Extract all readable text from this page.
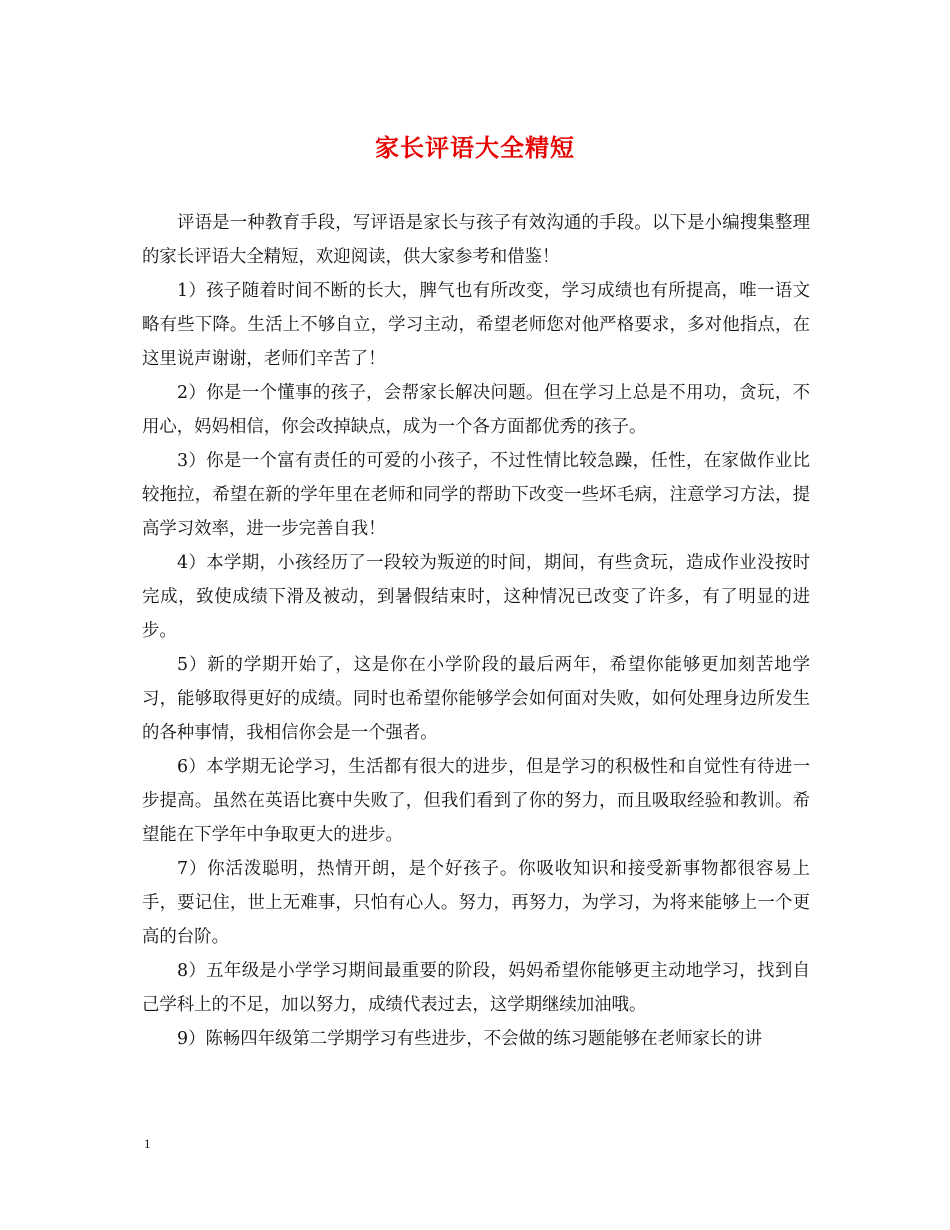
家长评语大全精短

评语是一种教育手段，写评语是家长与孩子有效沟通的手段。以下是小编搜集整理的家长评语大全精短，欢迎阅读，供大家参考和借鉴！

1）孩子随着时间不断的长大，脾气也有所改变，学习成绩也有所提高，唯一语文略有些下降。生活上不够自立，学习主动，希望老师您对他严格要求，多对他指点，在这里说声谢谢，老师们辛苦了！

2）你是一个懂事的孩子，会帮家长解决问题。但在学习上总是不用功，贪玩，不用心，妈妈相信，你会改掉缺点，成为一个各方面都优秀的孩子。

3）你是一个富有责任的可爱的小孩子，不过性情比较急躁，任性，在家做作业比较拖拉，希望在新的学年里在老师和同学的帮助下改变一些坏毛病，注意学习方法，提高学习效率，进一步完善自我！

4）本学期，小孩经历了一段较为叛逆的时间，期间，有些贪玩，造成作业没按时完成，致使成绩下滑及被动，到暑假结束时，这种情况已改变了许多，有了明显的进步。

5）新的学期开始了，这是你在小学阶段的最后两年，希望你能够更加刻苦地学习，能够取得更好的成绩。同时也希望你能够学会如何面对失败，如何处理身边所发生的各种事情，我相信你会是一个强者。

6）本学期无论学习，生活都有很大的进步，但是学习的积极性和自觉性有待进一步提高。虽然在英语比赛中失败了，但我们看到了你的努力，而且吸取经验和教训。希望能在下学年中争取更大的进步。

7）你活泼聪明，热情开朗，是个好孩子。你吸收知识和接受新事物都很容易上手，要记住，世上无难事，只怕有心人。努力，再努力，为学习，为将来能够上一个更高的台阶。

8）五年级是小学学习期间最重要的阶段，妈妈希望你能够更主动地学习，找到自己学科上的不足，加以努力，成绩代表过去，这学期继续加油哦。

9）陈畅四年级第二学期学习有些进步，不会做的练习题能够在老师家长的讲

1
